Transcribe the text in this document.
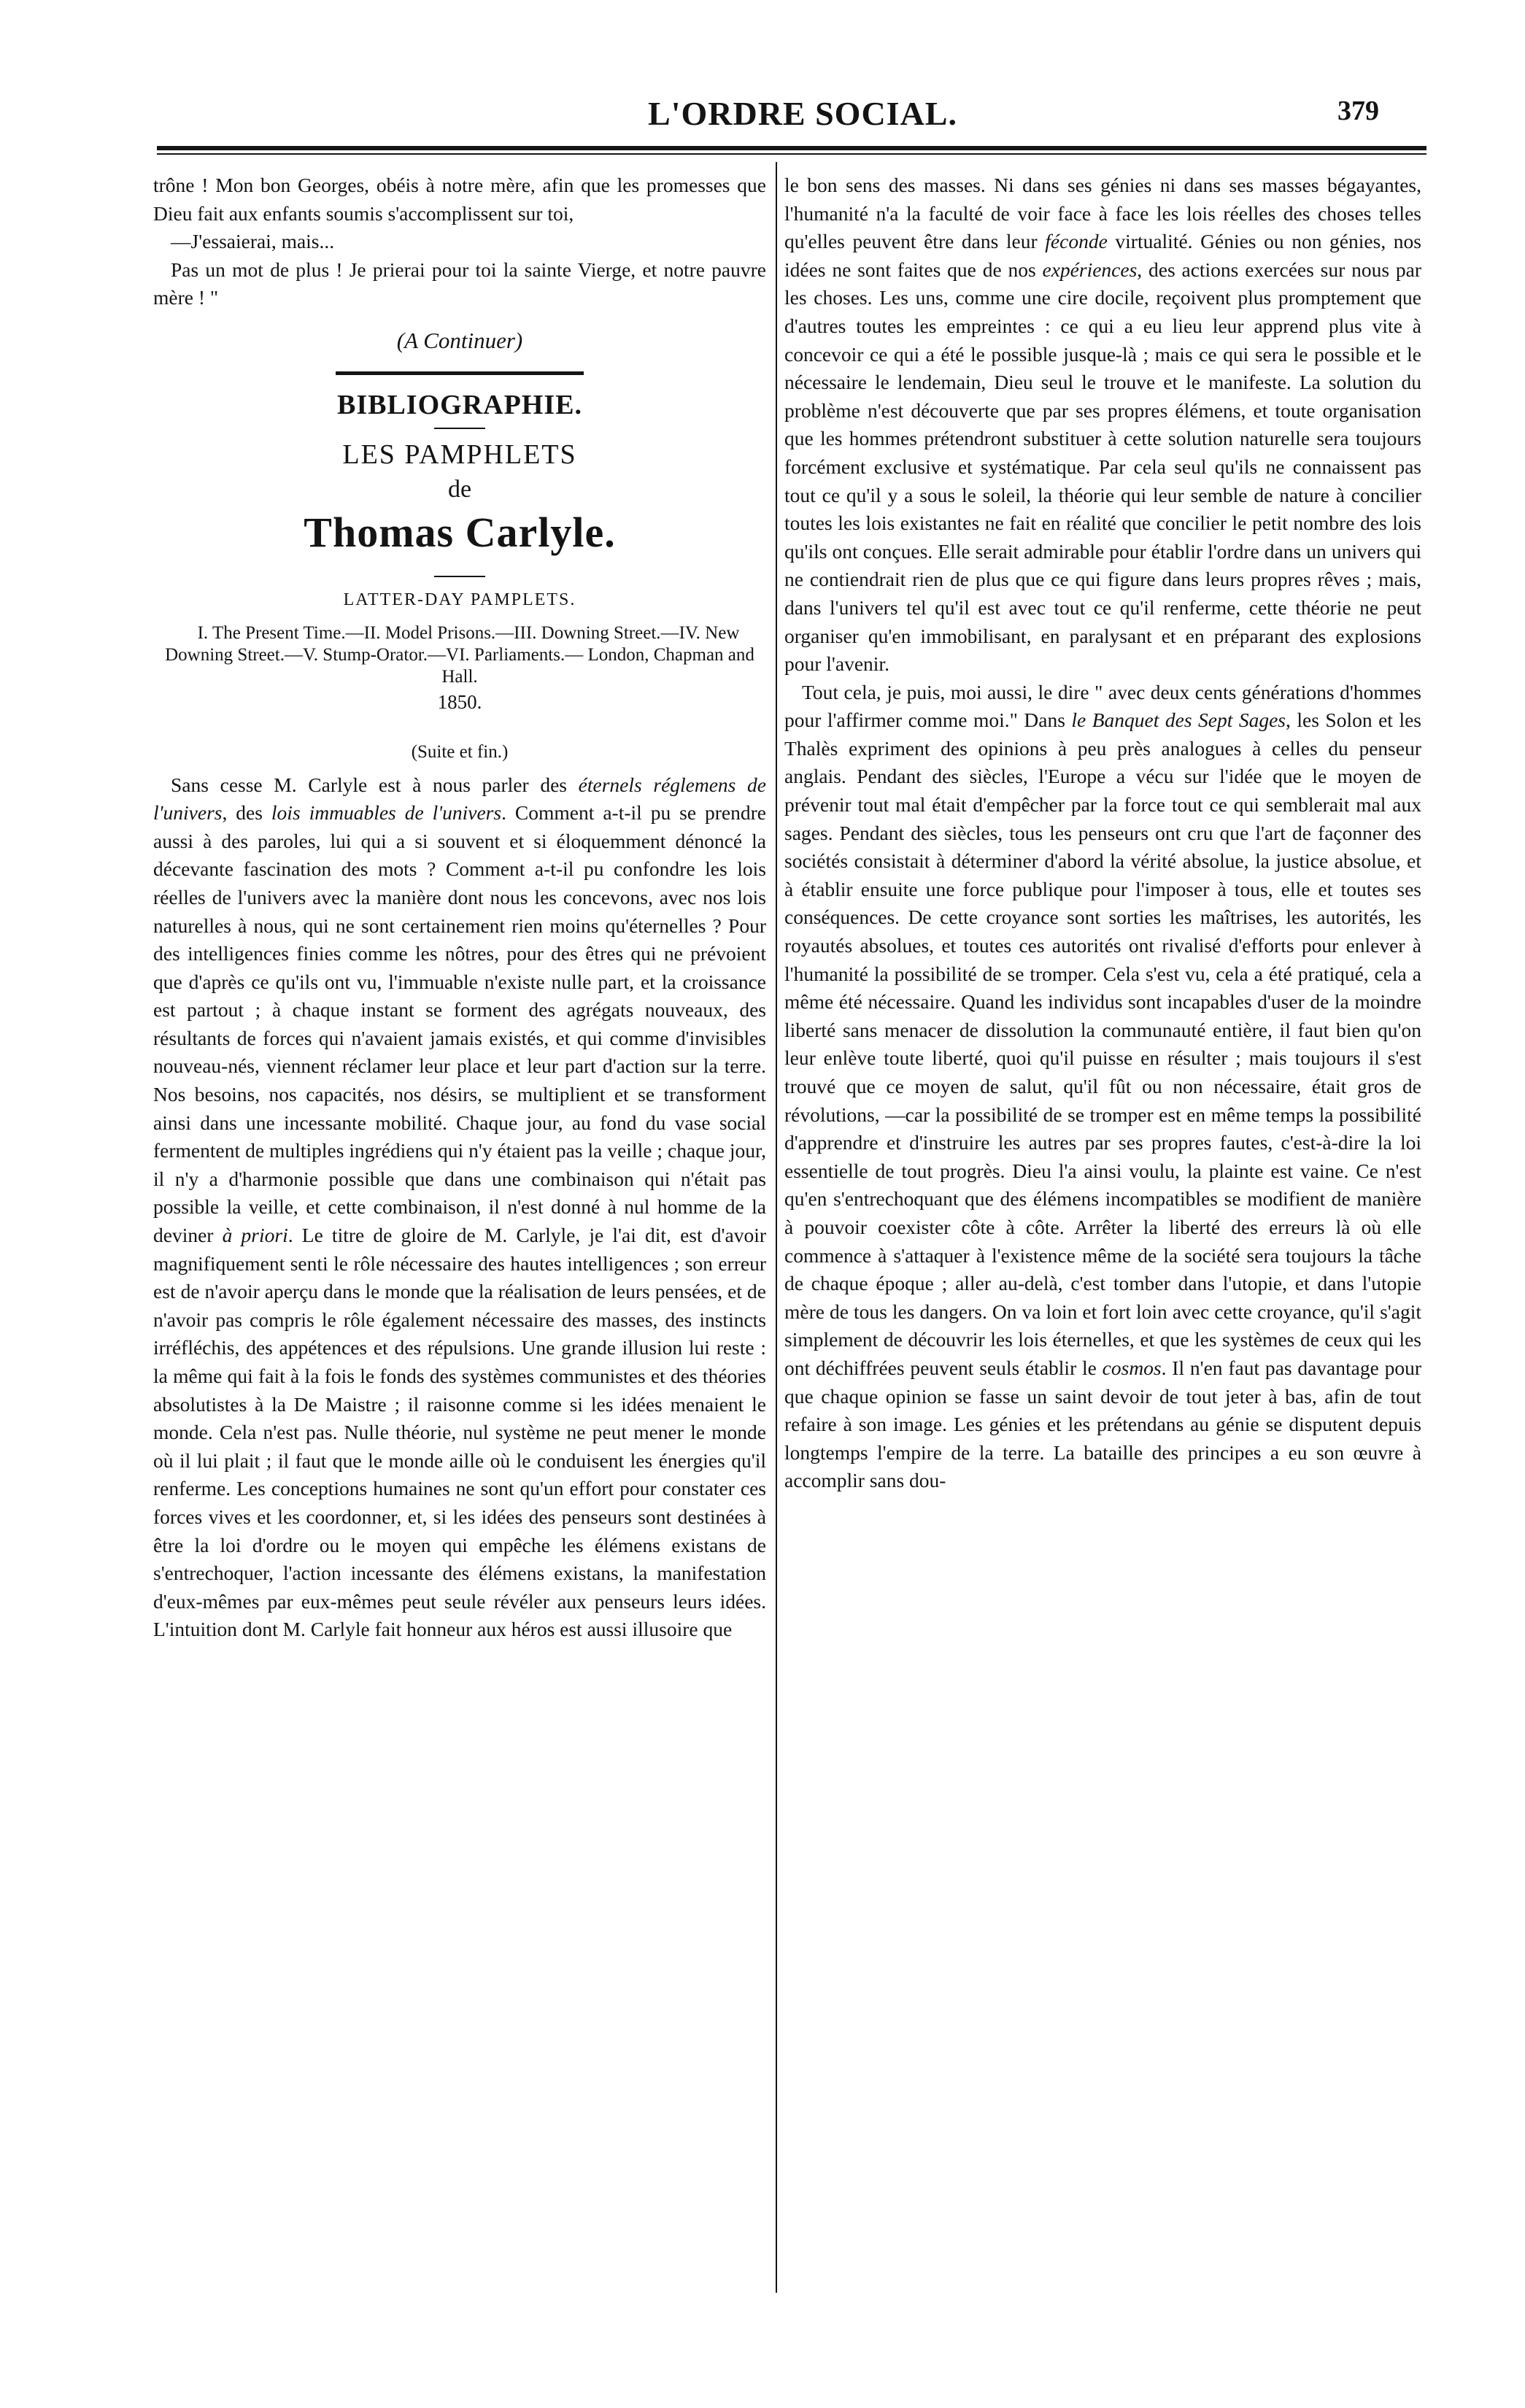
L'ORDRE SOCIAL.	379

trône ! Mon bon Georges, obéis à notre mère, afin que les promesses que Dieu fait aux enfants soumis s'accomplissent sur toi,

—J'essaierai, mais...

Pas un mot de plus ! Je prierai pour toi la sainte Vierge, et notre pauvre mère ! "

(A Continuer)
BIBLIOGRAPHIE.
LES PAMPHLETS
de
Thomas Carlyle.
LATTER-DAY PAMPLETS.

I. The Present Time.—II. Model Prisons.—III. Downing Street.—IV. New Downing Street.—V. Stump-Orator.—VI. Parliaments.— London, Chapman and Hall.

1850.
(Suite et fin.)

Sans cesse M. Carlyle est à nous parler des éternels réglemens de l'univers, des lois immuables de l'univers. Comment a-t-il pu se prendre aussi à des paroles, lui qui a si souvent et si éloquemment dénoncé la décevante fascination des mots ? Comment a-t-il pu confondre les lois réelles de l'univers avec la manière dont nous les concevons, avec nos lois naturelles à nous, qui ne sont certainement rien moins qu'éternelles ? Pour des intelligences finies comme les nôtres, pour des êtres qui ne prévoient que d'après ce qu'ils ont vu, l'immuable n'existe nulle part, et la croissance est partout ; à chaque instant se forment des agrégats nouveaux, des résultants de forces qui n'avaient jamais existés, et qui comme d'invisibles nouveau-nés, viennent réclamer leur place et leur part d'action sur la terre. Nos besoins, nos capacités, nos désirs, se multiplient et se transforment ainsi dans une incessante mobilité. Chaque jour, au fond du vase social fermentent de multiples ingrédiens qui n'y étaient pas la veille ; chaque jour, il n'y a d'harmonie possible que dans une combinaison qui n'était pas possible la veille, et cette combinaison, il n'est donné à nul homme de la deviner à priori. Le titre de gloire de M. Carlyle, je l'ai dit, est d'avoir magnifiquement senti le rôle nécessaire des hautes intelligences ; son erreur est de n'avoir aperçu dans le monde que la réalisation de leurs pensées, et de n'avoir pas compris le rôle également nécessaire des masses, des instincts irréfléchis, des appétences et des répulsions. Une grande illusion lui reste : la même qui fait à la fois le fonds des systèmes communistes et des théories absolutistes à la De Maistre ; il raisonne comme si les idées menaient le monde. Cela n'est pas. Nulle théorie, nul système ne peut mener le monde où il lui plait ; il faut que le monde aille où le conduisent les énergies qu'il renferme. Les conceptions humaines ne sont qu'un effort pour constater ces forces vives et les coordonner, et, si les idées des penseurs sont destinées à être la loi d'ordre ou le moyen qui empêche les élémens existans de s'entrechoquer, l'action incessante des élémens existans, la manifestation d'eux-mêmes par eux-mêmes peut seule révéler aux penseurs leurs idées. L'intuition dont M. Carlyle fait honneur aux héros est aussi illusoire que

le bon sens des masses. Ni dans ses génies ni dans ses masses bégayantes, l'humanité n'a la faculté de voir face à face les lois réelles des choses telles qu'elles peuvent être dans leur féconde virtualité. Génies ou non génies, nos idées ne sont faites que de nos expériences, des actions exercées sur nous par les choses. Les uns, comme une cire docile, reçoivent plus promptement que d'autres toutes les empreintes : ce qui a eu lieu leur apprend plus vite à concevoir ce qui a été le possible jusque-là ; mais ce qui sera le possible et le nécessaire le lendemain, Dieu seul le trouve et le manifeste. La solution du problème n'est découverte que par ses propres élémens, et toute organisation que les hommes prétendront substituer à cette solution naturelle sera toujours forcément exclusive et systématique. Par cela seul qu'ils ne connaissent pas tout ce qu'il y a sous le soleil, la théorie qui leur semble de nature à concilier toutes les lois existantes ne fait en réalité que concilier le petit nombre des lois qu'ils ont conçues. Elle serait admirable pour établir l'ordre dans un univers qui ne contiendrait rien de plus que ce qui figure dans leurs propres rêves ; mais, dans l'univers tel qu'il est avec tout ce qu'il renferme, cette théorie ne peut organiser qu'en immobilisant, en paralysant et en préparant des explosions pour l'avenir.

Tout cela, je puis, moi aussi, le dire " avec deux cents générations d'hommes pour l'affirmer comme moi." Dans le Banquet des Sept Sages, les Solon et les Thalès expriment des opinions à peu près analogues à celles du penseur anglais. Pendant des siècles, l'Europe a vécu sur l'idée que le moyen de prévenir tout mal était d'empêcher par la force tout ce qui semblerait mal aux sages. Pendant des siècles, tous les penseurs ont cru que l'art de façonner des sociétés consistait à déterminer d'abord la vérité absolue, la justice absolue, et à établir ensuite une force publique pour l'imposer à tous, elle et toutes ses conséquences. De cette croyance sont sorties les maîtrises, les autorités, les royautés absolues, et toutes ces autorités ont rivalisé d'efforts pour enlever à l'humanité la possibilité de se tromper. Cela s'est vu, cela a été pratiqué, cela a même été nécessaire. Quand les individus sont incapables d'user de la moindre liberté sans menacer de dissolution la communauté entière, il faut bien qu'on leur enlève toute liberté, quoi qu'il puisse en résulter ; mais toujours il s'est trouvé que ce moyen de salut, qu'il fût ou non nécessaire, était gros de révolutions, —car la possibilité de se tromper est en même temps la possibilité d'apprendre et d'instruire les autres par ses propres fautes, c'est-à-dire la loi essentielle de tout progrès. Dieu l'a ainsi voulu, la plainte est vaine. Ce n'est qu'en s'entrechoquant que des élémens incompatibles se modifient de manière à pouvoir coexister côte à côte. Arrêter la liberté des erreurs là où elle commence à s'attaquer à l'existence même de la société sera toujours la tâche de chaque époque ; aller au-delà, c'est tomber dans l'utopie, et dans l'utopie mère de tous les dangers. On va loin et fort loin avec cette croyance, qu'il s'agit simplement de découvrir les lois éternelles, et que les systèmes de ceux qui les ont déchiffrées peuvent seuls établir le cosmos. Il n'en faut pas davantage pour que chaque opinion se fasse un saint devoir de tout jeter à bas, afin de tout refaire à son image. Les génies et les prétendans au génie se disputent depuis longtemps l'empire de la terre. La bataille des principes a eu son œuvre à accomplir sans dou-
